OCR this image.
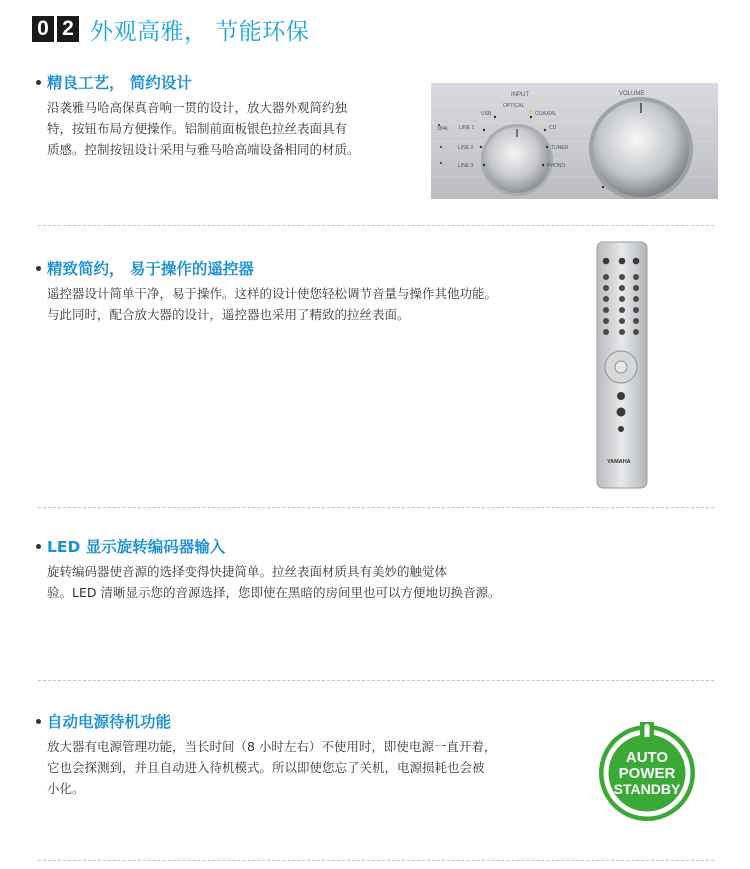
0 2 外观高雅， 节能环保
精良工艺， 简约设计
沿袭雅马哈高保真音响一贯的设计，放大器外观简约独
特，按钮布局方便操作。铝制前面板银色拉丝表面具有
质感。控制按钮设计采用与雅马哈高端设备相同的材质。
INPUT
USB
OPTICAL
COAXIAL
LINE 1	CD
LINE 2	TUNER
LINE 3	PHONO
384k
VOLUME
精致简约， 易于操作的遥控器
遥控器设计简单干净，易于操作。这样的设计使您轻松调节音量与操作其他功能。
与此同时，配合放大器的设计，遥控器也采用了精致的拉丝表面。
YAMAHA
LED 显示旋转编码器输入
旋转编码器使音源的选择变得快捷简单。拉丝表面材质具有美妙的触觉体
验。LED 清晰显示您的音源选择，您即使在黑暗的房间里也可以方便地切换音源。
自动电源待机功能
放大器有电源管理功能，当长时间（8 小时左右）不使用时，即使电源一直开着，
它也会探测到，并且自动进入待机模式。所以即使您忘了关机，电源损耗也会被
小化。
AUTO
POWER
STANDBY
